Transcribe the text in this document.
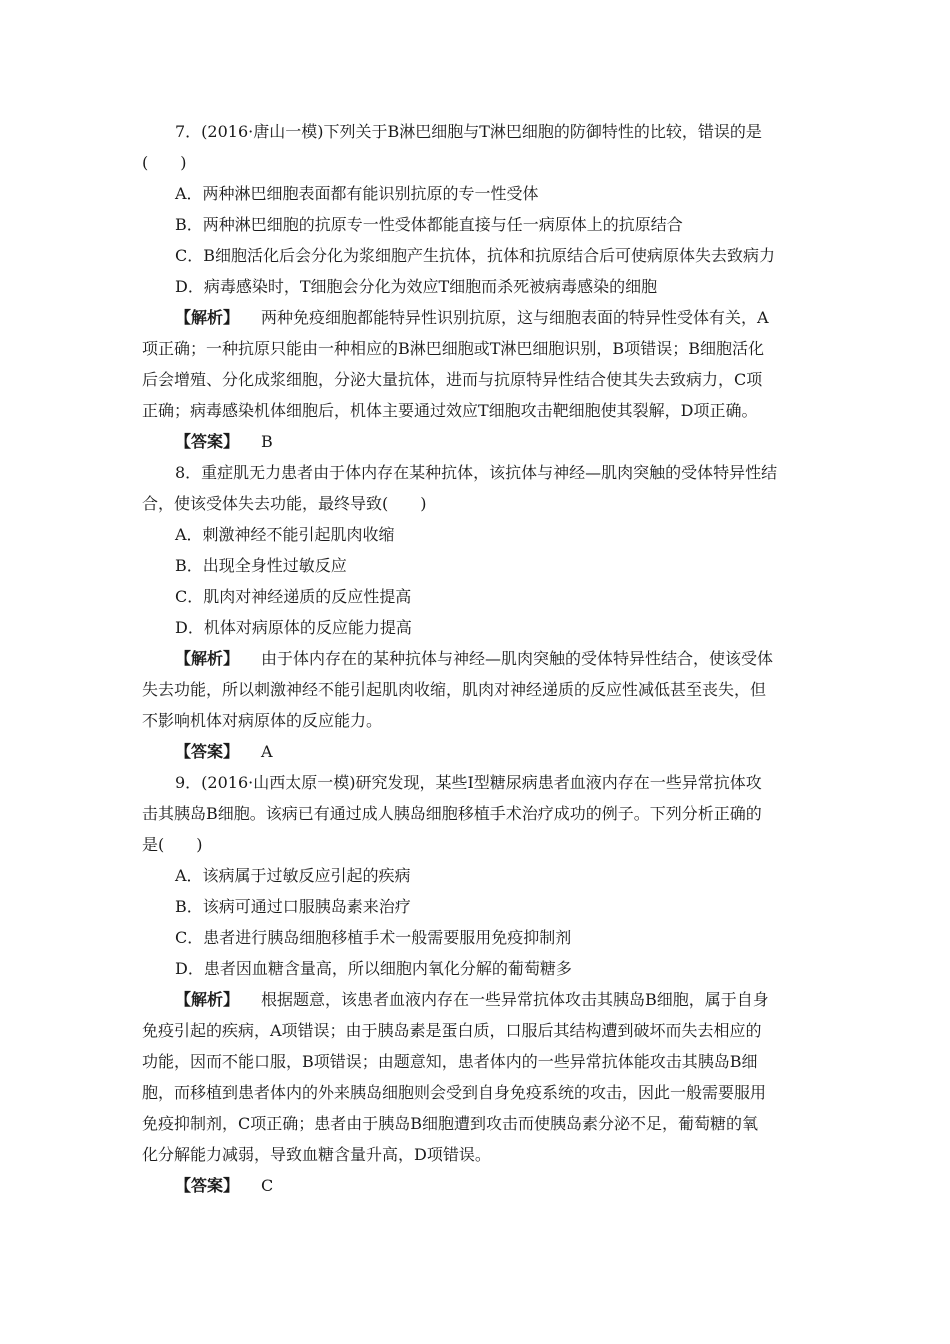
7．(2016·唐山一模)下列关于B淋巴细胞与T淋巴细胞的防御特性的比较，错误的是

(　　)

A．两种淋巴细胞表面都有能识别抗原的专一性受体

B．两种淋巴细胞的抗原专一性受体都能直接与任一病原体上的抗原结合

C．B细胞活化后会分化为浆细胞产生抗体，抗体和抗原结合后可使病原体失去致病力

D．病毒感染时，T细胞会分化为效应T细胞而杀死被病毒感染的细胞

【解析】 两种免疫细胞都能特异性识别抗原，这与细胞表面的特异性受体有关，A

项正确；一种抗原只能由一种相应的B淋巴细胞或T淋巴细胞识别，B项错误；B细胞活化

后会增殖、分化成浆细胞，分泌大量抗体，进而与抗原特异性结合使其失去致病力，C项

正确；病毒感染机体细胞后，机体主要通过效应T细胞攻击靶细胞使其裂解，D项正确。

【答案】 B

8．重症肌无力患者由于体内存在某种抗体，该抗体与神经—肌肉突触的受体特异性结

合，使该受体失去功能，最终导致(　　)

A．刺激神经不能引起肌肉收缩

B．出现全身性过敏反应

C．肌肉对神经递质的反应性提高

D．机体对病原体的反应能力提高

【解析】 由于体内存在的某种抗体与神经—肌肉突触的受体特异性结合，使该受体

失去功能，所以刺激神经不能引起肌肉收缩，肌肉对神经递质的反应性减低甚至丧失，但

不影响机体对病原体的反应能力。

【答案】 A

9．(2016·山西太原一模)研究发现，某些Ⅰ型糖尿病患者血液内存在一些异常抗体攻

击其胰岛B细胞。该病已有通过成人胰岛细胞移植手术治疗成功的例子。下列分析正确的

是(　　)

A．该病属于过敏反应引起的疾病

B．该病可通过口服胰岛素来治疗

C．患者进行胰岛细胞移植手术一般需要服用免疫抑制剂

D．患者因血糖含量高，所以细胞内氧化分解的葡萄糖多

【解析】 根据题意，该患者血液内存在一些异常抗体攻击其胰岛B细胞，属于自身

免疫引起的疾病，A项错误；由于胰岛素是蛋白质，口服后其结构遭到破坏而失去相应的

功能，因而不能口服，B项错误；由题意知，患者体内的一些异常抗体能攻击其胰岛B细

胞，而移植到患者体内的外来胰岛细胞则会受到自身免疫系统的攻击，因此一般需要服用

免疫抑制剂，C项正确；患者由于胰岛B细胞遭到攻击而使胰岛素分泌不足，葡萄糖的氧

化分解能力减弱，导致血糖含量升高，D项错误。

【答案】 C
